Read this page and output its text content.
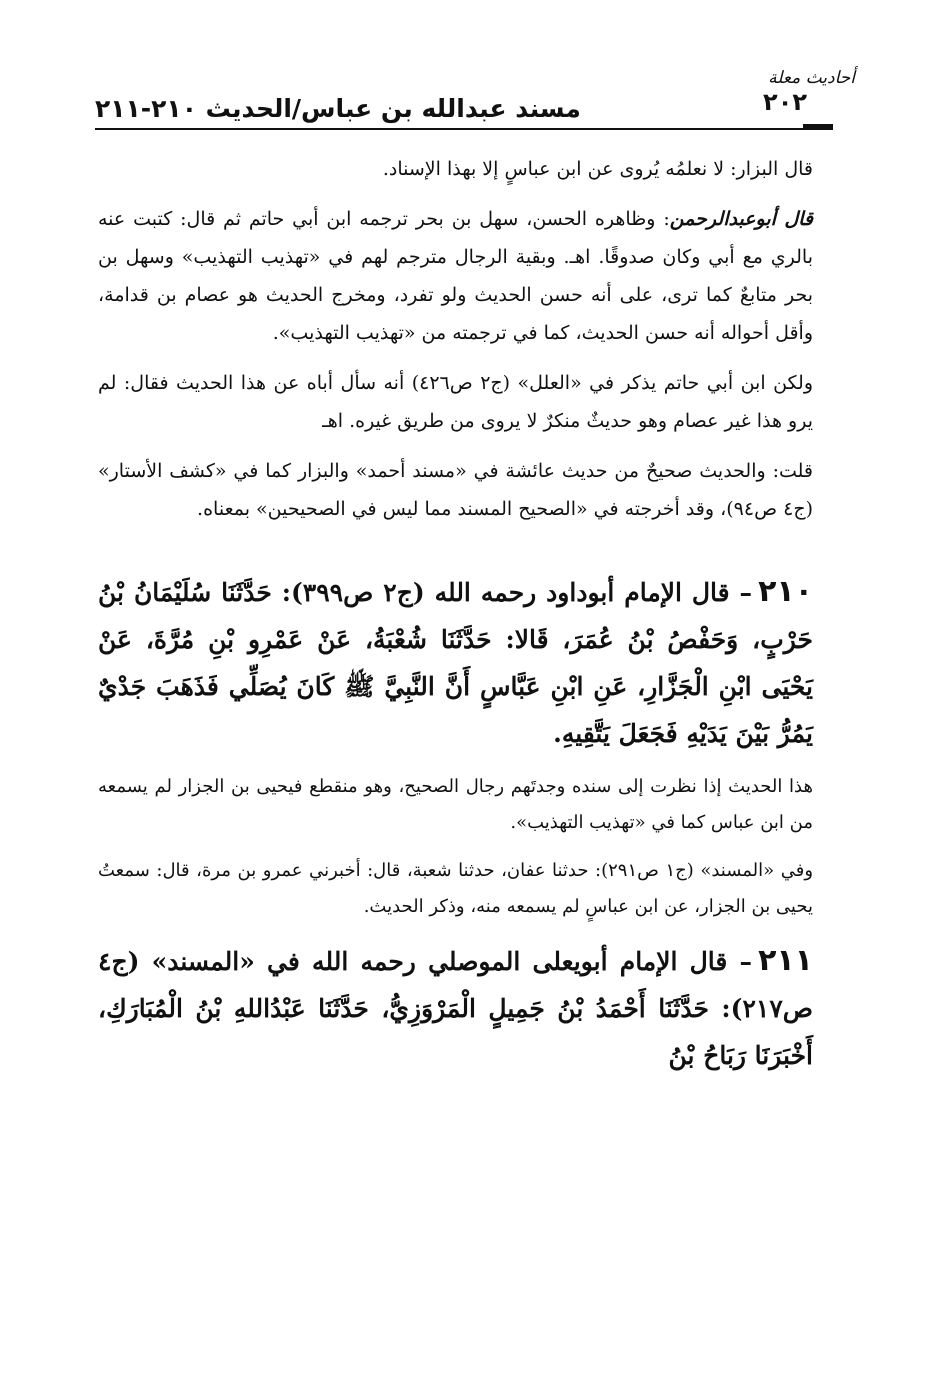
مسند عبدالله بن عباس/الحديث ٢١٠-٢١١
أحاديث معلة
٢٠٢

قال البزار: لا نعلمُه يُروى عن ابن عباسٍ إلا بهذا الإسناد.

قال أبوعبدالرحمن: وظاهره الحسن، سهل بن بحر ترجمه ابن أبي حاتم ثم قال: كتبت عنه بالري مع أبي وكان صدوقًا. اهـ. وبقية الرجال مترجم لهم في «تهذيب التهذيب» وسهل بن بحر متابعٌ كما ترى، على أنه حسن الحديث ولو تفرد، ومخرج الحديث هو عصام بن قدامة، وأقل أحواله أنه حسن الحديث، كما في ترجمته من «تهذيب التهذيب».

ولكن ابن أبي حاتم يذكر في «العلل» (ج٢ ص٤٢٦) أنه سأل أباه عن هذا الحديث فقال: لم يرو هذا غير عصام وهو حديثٌ منكرٌ لا يروى من طريق غيره. اهـ

قلت: والحديث صحيحٌ من حديث عائشة في «مسند أحمد» والبزار كما في «كشف الأستار» (ج٤ ص٩٤)، وقد أخرجته في «الصحيح المسند مما ليس في الصحيحين» بمعناه.

٢١٠– قال الإمام أبوداود رحمه الله (ج٢ ص٣٩٩): حَدَّثَنَا سُلَيْمَانُ بْنُ حَرْبٍ، وَحَفْصُ بْنُ عُمَرَ، قَالا: حَدَّثَنَا شُعْبَةُ، عَنْ عَمْرِو بْنِ مُرَّةَ، عَنْ يَحْيَى ابْنِ الْجَزَّارِ، عَنِ ابْنِ عَبَّاسٍ أَنَّ النَّبِيَّ ﷺ كَانَ يُصَلِّي فَذَهَبَ جَدْيٌ يَمُرُّ بَيْنَ يَدَيْهِ فَجَعَلَ يَتَّقِيهِ.

هذا الحديث إذا نظرت إلى سنده وجدتَهم رجال الصحيح، وهو منقطع فيحيى بن الجزار لم يسمعه من ابن عباس كما في «تهذيب التهذيب».

وفي «المسند» (ج١ ص٢٩١): حدثنا عفان، حدثنا شعبة، قال: أخبرني عمرو بن مرة، قال: سمعتُ يحيى بن الجزار، عن ابن عباسٍ لم يسمعه منه، وذكر الحديث.

٢١١– قال الإمام أبويعلى الموصلي رحمه الله في «المسند» (ج٤ ص٢١٧): حَدَّثَنَا أَحْمَدُ بْنُ جَمِيلٍ الْمَرْوَزِيُّ، حَدَّثَنَا عَبْدُاللهِ بْنُ الْمُبَارَكِ، أَخْبَرَنَا رَبَاحُ بْنُ
